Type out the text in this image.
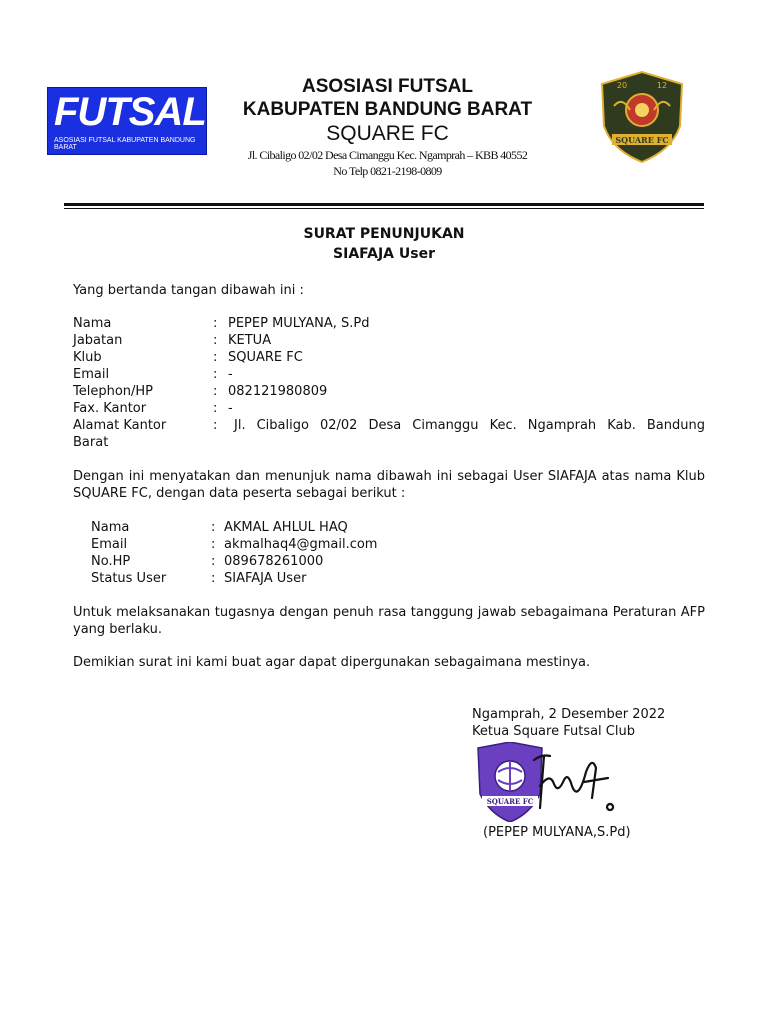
FUTSAL
ASOSIASI FUTSAL KABUPATEN BANDUNG BARAT
ASOSIASI FUTSAL
KABUPATEN BANDUNG BARAT
SQUARE FC
Jl. Cibaligo 02/02 Desa Cimanggu Kec. Ngamprah – KBB 40552
No Telp 0821-2198-0809
SQUARE FC
20	12
SURAT PENUNJUKAN
SIAFAJA User
Yang bertanda tangan dibawah ini :
Nama	: PEPEP MULYANA, S.Pd
Jabatan	: KETUA
Klub	: SQUARE FC
Email	: -
Telephon/HP	: 082121980809
Fax. Kantor	: -
Alamat Kantor	: Jl. Cibaligo 02/02 Desa Cimanggu Kec. Ngamprah Kab. Bandung
Barat
Dengan ini menyatakan dan menunjuk nama dibawah ini sebagai User SIAFAJA atas nama Klub SQUARE FC, dengan data peserta sebagai berikut :
Nama	: AKMAL AHLUL HAQ
Email	: akmalhaq4@gmail.com
No.HP	: 089678261000
Status User	: SIAFAJA User
Untuk melaksanakan tugasnya dengan penuh rasa tanggung jawab sebagaimana Peraturan AFP yang berlaku.
Demikian surat ini kami buat agar dapat dipergunakan sebagaimana mestinya.
Ngamprah, 2 Desember 2022
Ketua Square Futsal Club
SQUARE FC
(PEPEP MULYANA,S.Pd)
